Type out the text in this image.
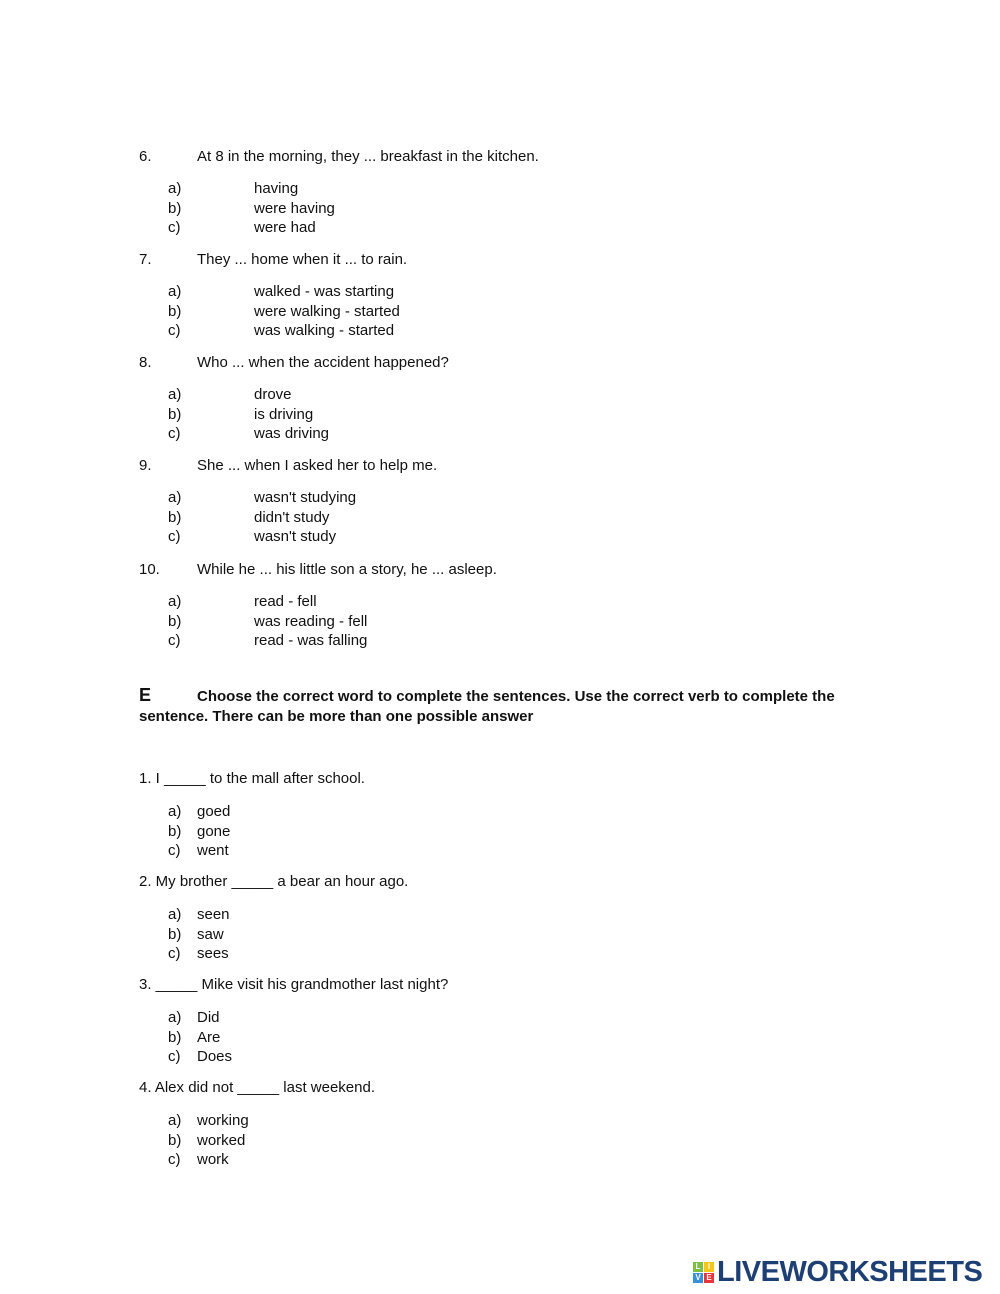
6.	At 8 in the morning, they ... breakfast in the kitchen.
a)	having
b)	were having
c)	were had
7.	They ... home when it ... to rain.
a)	walked - was starting
b)	were walking - started
c)	was walking - started
8.	Who ... when the accident happened?
a)	drove
b)	is driving
c)	was driving
9.	She ... when I asked her to help me.
a)	wasn't studying
b)	didn't study
c)	wasn't study
10. While he ... his little son a story, he ... asleep.
a)	read - fell
b)	was reading - fell
c)	read - was falling
1. I _____ to the mall after school.
a) goed
b) gone
c) went
2. My brother _____ a bear an hour ago.
a) seen
b) saw
c) sees
3. _____ Mike visit his grandmother last night?
a) Did
b) Are
c) Does
4. Alex did not _____ last weekend.
a) working
b) worked
c) work
E	Choose the correct word to complete the sentences. Use the correct verb to complete the sentence. There can be more than one possible answer
L I
V E LIVEWORKSHEETS
